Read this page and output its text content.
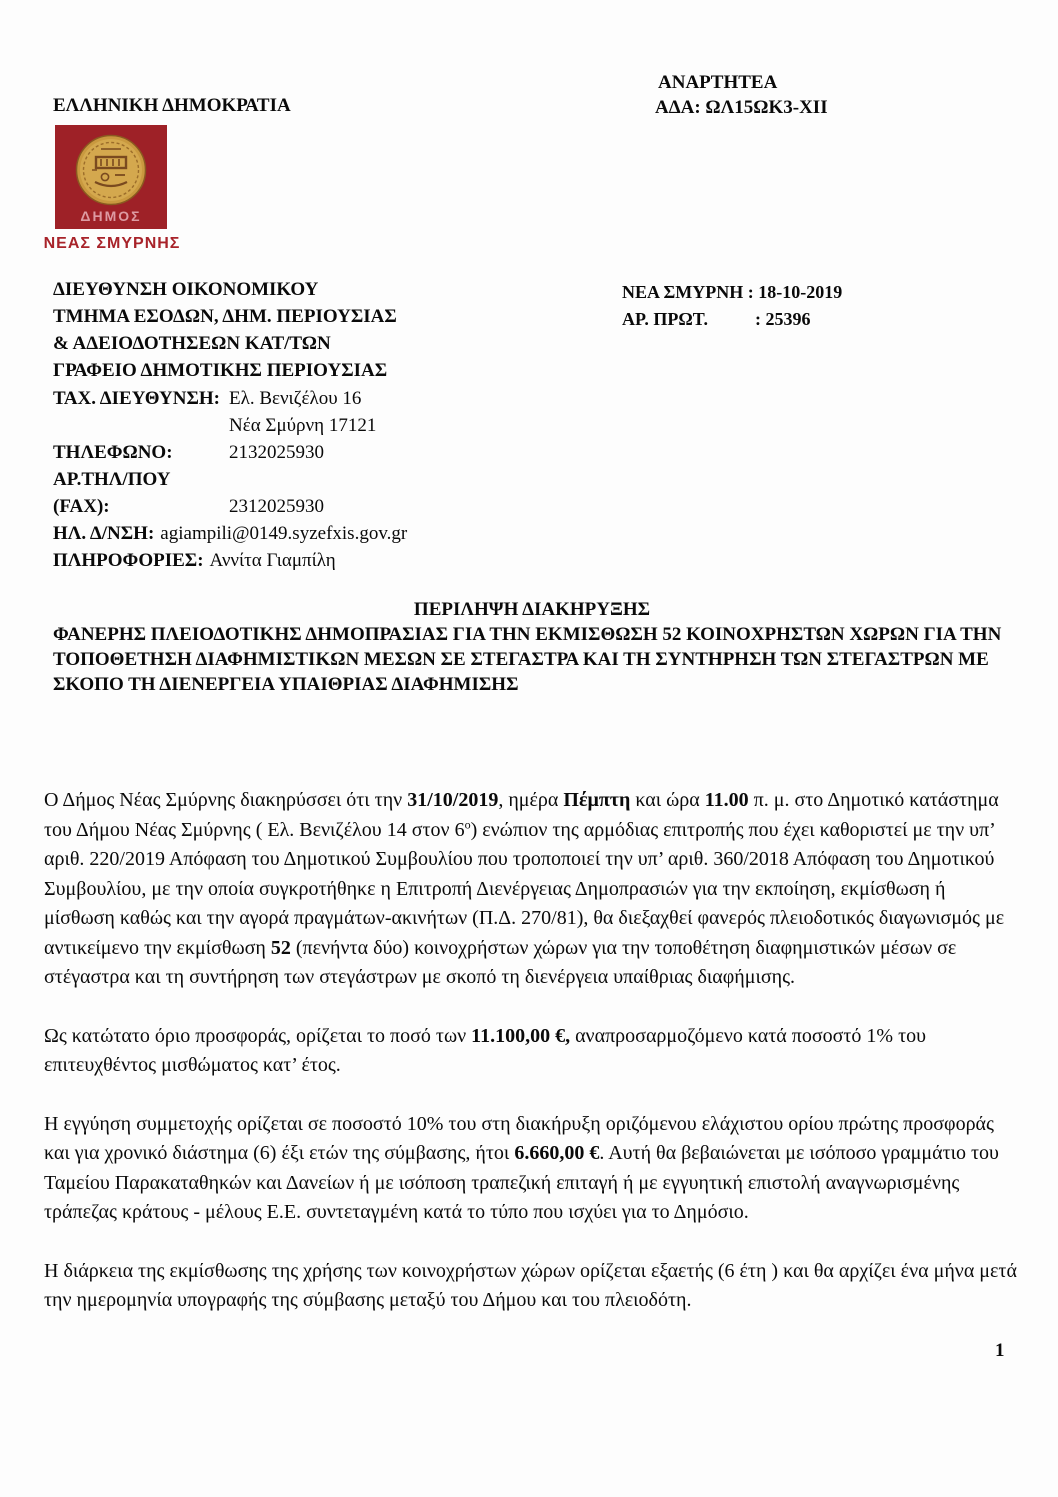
ΑΝΑΡΤΗΤΕΑ
ΕΛΛΗΝΙΚΗ ΔΗΜΟΚΡΑΤΙΑ	ΑΔΑ: ΩΛ15ΩΚ3-ΧΙΙ
ΔΗΜΟΣ
ΝΕΑΣ ΣΜΥΡΝΗΣ
ΔΙΕΥΘΥΝΣΗ ΟΙΚΟΝΟΜΙΚΟΥ
ΤΜΗΜΑ ΕΣΟΔΩΝ, ΔΗΜ. ΠΕΡΙΟΥΣΙΑΣ
& ΑΔΕΙΟΔΟΤΗΣΕΩΝ ΚΑΤ/ΤΩΝ
ΓΡΑΦΕΙΟ ΔΗΜΟΤΙΚΗΣ ΠΕΡΙΟΥΣΙΑΣ
ΝΕΑ ΣΜΥΡΝΗ : 18-10-2019
ΑΡ. ΠΡΩΤ.	: 25396
ΤΑΧ. ΔΙΕΥΘΥΝΣΗ: Ελ. Βενιζέλου 16
Νέα Σμύρνη 17121
ΤΗΛΕΦΩΝΟ:	2132025930
ΑΡ.ΤΗΛ/ΠΟΥ (FAX):	2312025930
ΗΛ. Δ/ΝΣΗ: agiampili@0149.syzefxis.gov.gr
ΠΛΗΡΟΦΟΡΙΕΣ: Αννίτα Γιαμπίλη
ΠΕΡΙΛΗΨΗ ΔΙΑΚΗΡΥΞΗΣ
ΦΑΝΕΡΗΣ ΠΛΕΙΟΔΟΤΙΚΗΣ ΔΗΜΟΠΡΑΣΙΑΣ ΓΙΑ ΤΗΝ ΕΚΜΙΣΘΩΣΗ 52 ΚΟΙΝΟΧΡΗΣΤΩΝ ΧΩΡΩΝ ΓΙΑ ΤΗΝ ΤΟΠΟΘΕΤΗΣΗ ΔΙΑΦΗΜΙΣΤΙΚΩΝ ΜΕΣΩΝ ΣΕ ΣΤΕΓΑΣΤΡΑ ΚΑΙ ΤΗ ΣΥΝΤΗΡΗΣΗ ΤΩΝ ΣΤΕΓΑΣΤΡΩΝ ΜΕ ΣΚΟΠΟ ΤΗ ΔΙΕΝΕΡΓΕΙΑ ΥΠΑΙΘΡΙΑΣ ΔΙΑΦΗΜΙΣΗΣ

Ο Δήμος Νέας Σμύρνης διακηρύσσει ότι την 31/10/2019, ημέρα Πέμπτη και ώρα 11.00 π. μ. στο Δημοτικό κατάστημα του Δήμου Νέας Σμύρνης ( Ελ. Βενιζέλου 14 στον $6^o$) ενώπιον της αρμόδιας επιτροπής που έχει καθοριστεί με την υπ’ αριθ. 220/2019 Απόφαση του Δημοτικού Συμβουλίου που τροποποιεί την υπ’ αριθ. 360/2018 Απόφαση του Δημοτικού Συμβουλίου, με την οποία συγκροτήθηκε η Επιτροπή Διενέργειας Δημοπρασιών για την εκποίηση, εκμίσθωση ή μίσθωση καθώς και την αγορά πραγμάτων-ακινήτων (Π.Δ. 270/81), θα διεξαχθεί φανερός πλειοδοτικός διαγωνισμός με αντικείμενο την εκμίσθωση 52 (πενήντα δύο) κοινοχρήστων χώρων για την τοποθέτηση διαφημιστικών μέσων σε στέγαστρα και τη συντήρηση των στεγάστρων με σκοπό τη διενέργεια υπαίθριας διαφήμισης.

Ως κατώτατο όριο προσφοράς, ορίζεται το ποσό των 11.100,00 €, αναπροσαρμοζόμενο κατά ποσοστό 1% του επιτευχθέντος μισθώματος κατ’ έτος.

Η εγγύηση συμμετοχής ορίζεται σε ποσοστό 10% του στη διακήρυξη οριζόμενου ελάχιστου ορίου πρώτης προσφοράς και για χρονικό διάστημα (6) έξι ετών της σύμβασης, ήτοι 6.660,00 €. Αυτή θα βεβαιώνεται με ισόποσο γραμμάτιο του Ταμείου Παρακαταθηκών και Δανείων ή με ισόποση τραπεζική επιταγή ή με εγγυητική επιστολή αναγνωρισμένης τράπεζας κράτους - μέλους Ε.Ε. συντεταγμένη κατά το τύπο που ισχύει για το Δημόσιο.

Η διάρκεια της εκμίσθωσης της χρήσης των κοινοχρήστων χώρων ορίζεται εξαετής (6 έτη ) και θα αρχίζει ένα μήνα μετά την ημερομηνία υπογραφής της σύμβασης μεταξύ του Δήμου και του πλειοδότη.

1
